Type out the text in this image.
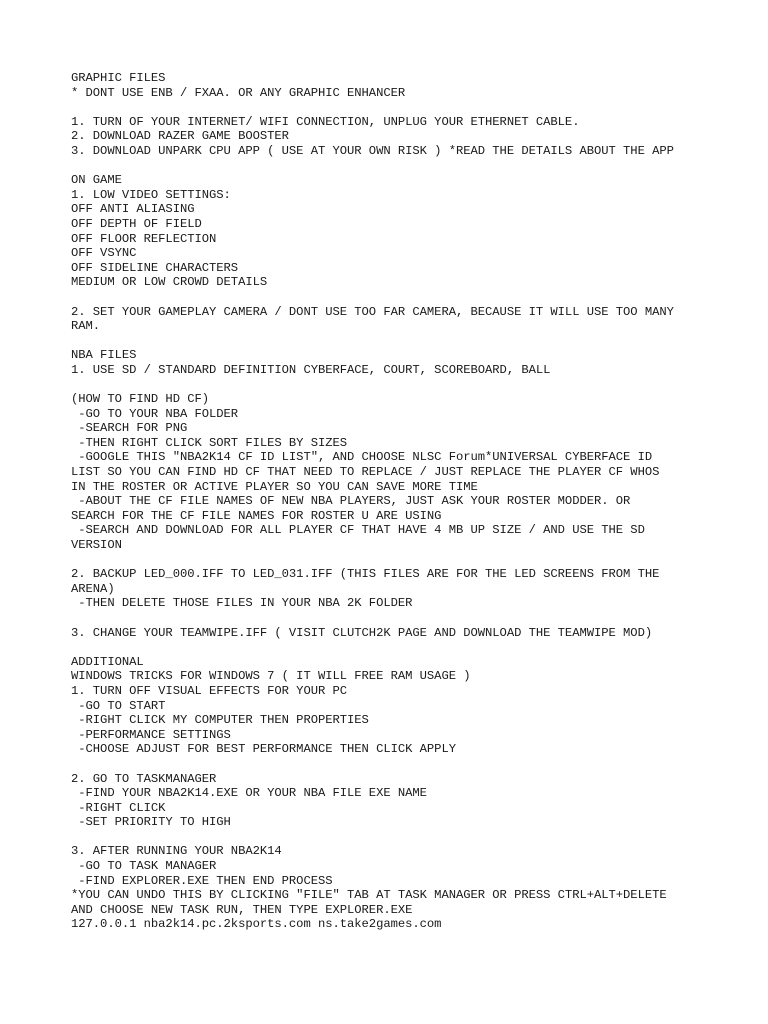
GRAPHIC FILES
* DONT USE ENB / FXAA. OR ANY GRAPHIC ENHANCER
1. TURN OF YOUR INTERNET/ WIFI CONNECTION, UNPLUG YOUR ETHERNET CABLE.
2. DOWNLOAD RAZER GAME BOOSTER
3. DOWNLOAD UNPARK CPU APP ( USE AT YOUR OWN RISK ) *READ THE DETAILS ABOUT THE APP
ON GAME
1. LOW VIDEO SETTINGS:
OFF ANTI ALIASING
OFF DEPTH OF FIELD
OFF FLOOR REFLECTION
OFF VSYNC
OFF SIDELINE CHARACTERS
MEDIUM OR LOW CROWD DETAILS
2. SET YOUR GAMEPLAY CAMERA / DONT USE TOO FAR CAMERA, BECAUSE IT WILL USE TOO MANY
RAM.
NBA FILES
1. USE SD / STANDARD DEFINITION CYBERFACE, COURT, SCOREBOARD, BALL
(HOW TO FIND HD CF)
-GO TO YOUR NBA FOLDER
-SEARCH FOR PNG
-THEN RIGHT CLICK SORT FILES BY SIZES
-GOOGLE THIS "NBA2K14 CF ID LIST", AND CHOOSE NLSC Forum*UNIVERSAL CYBERFACE ID
LIST SO YOU CAN FIND HD CF THAT NEED TO REPLACE / JUST REPLACE THE PLAYER CF WHOS
IN THE ROSTER OR ACTIVE PLAYER SO YOU CAN SAVE MORE TIME
-ABOUT THE CF FILE NAMES OF NEW NBA PLAYERS, JUST ASK YOUR ROSTER MODDER. OR
SEARCH FOR THE CF FILE NAMES FOR ROSTER U ARE USING
-SEARCH AND DOWNLOAD FOR ALL PLAYER CF THAT HAVE 4 MB UP SIZE / AND USE THE SD
VERSION
2. BACKUP LED_000.IFF TO LED_031.IFF (THIS FILES ARE FOR THE LED SCREENS FROM THE
ARENA)
-THEN DELETE THOSE FILES IN YOUR NBA 2K FOLDER
3. CHANGE YOUR TEAMWIPE.IFF ( VISIT CLUTCH2K PAGE AND DOWNLOAD THE TEAMWIPE MOD)
ADDITIONAL
WINDOWS TRICKS FOR WINDOWS 7 ( IT WILL FREE RAM USAGE )
1. TURN OFF VISUAL EFFECTS FOR YOUR PC
-GO TO START
-RIGHT CLICK MY COMPUTER THEN PROPERTIES
-PERFORMANCE SETTINGS
-CHOOSE ADJUST FOR BEST PERFORMANCE THEN CLICK APPLY
2. GO TO TASKMANAGER
-FIND YOUR NBA2K14.EXE OR YOUR NBA FILE EXE NAME
-RIGHT CLICK
-SET PRIORITY TO HIGH
3. AFTER RUNNING YOUR NBA2K14
-GO TO TASK MANAGER
-FIND EXPLORER.EXE THEN END PROCESS
*YOU CAN UNDO THIS BY CLICKING "FILE" TAB AT TASK MANAGER OR PRESS CTRL+ALT+DELETE
AND CHOOSE NEW TASK RUN, THEN TYPE EXPLORER.EXE
127.0.0.1 nba2k14.pc.2ksports.com ns.take2games.com
